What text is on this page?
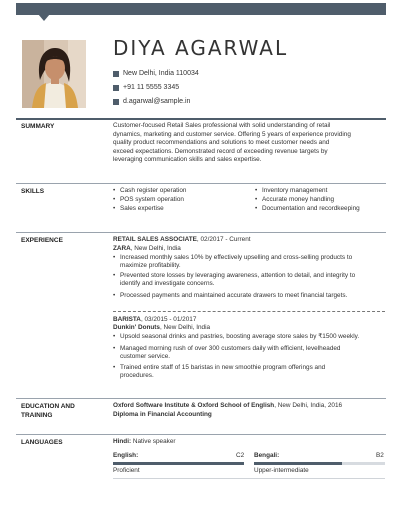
DIYA AGARWAL
New Delhi, India 110034
+91 11 5555 3345
d.agarwal@sample.in
SUMMARY	Customer-focused Retail Sales professional with solid understanding of retail
dynamics, marketing and customer service. Offering 5 years of experience providing
quality product recommendations and solutions to meet customer needs and
exceed expectations. Demonstrated record of exceeding revenue targets by
leveraging communication skills and sales expertise.
SKILLS
•	Cash register operation
• POS system operation
• Sales expertise
• Inventory management
• Accurate money handling
• Documentation and recordkeeping
EXPERIENCE	RETAIL SALES ASSOCIATE, 02/2017 - Current
ZARA, New Delhi, India
• Increased monthly sales 10% by effectively upselling and cross-selling products to
maximize profitability.
• Prevented store losses by leveraging awareness, attention to detail, and integrity to
identify and investigate concerns.
• Processed payments and maintained accurate drawers to meet financial targets.
BARISTA, 03/2015 - 01/2017
Dunkin' Donuts, New Delhi, India
• Upsold seasonal drinks and pastries, boosting average store sales by ₹1500 weekly.
• Managed morning rush of over 300 customers daily with efficient, levelheaded
customer service.
• Trained entire staff of 15 baristas in new smoothie program offerings and
procedures.
EDUCATION AND
TRAINING
Oxford Software Institute & Oxford School of English, New Delhi, India, 2016
Diploma in Financial Accounting
LANGUAGES	Hindi: Native speaker
English:	C2
Proficient
Bengali:	B2
Upper-intermediate
